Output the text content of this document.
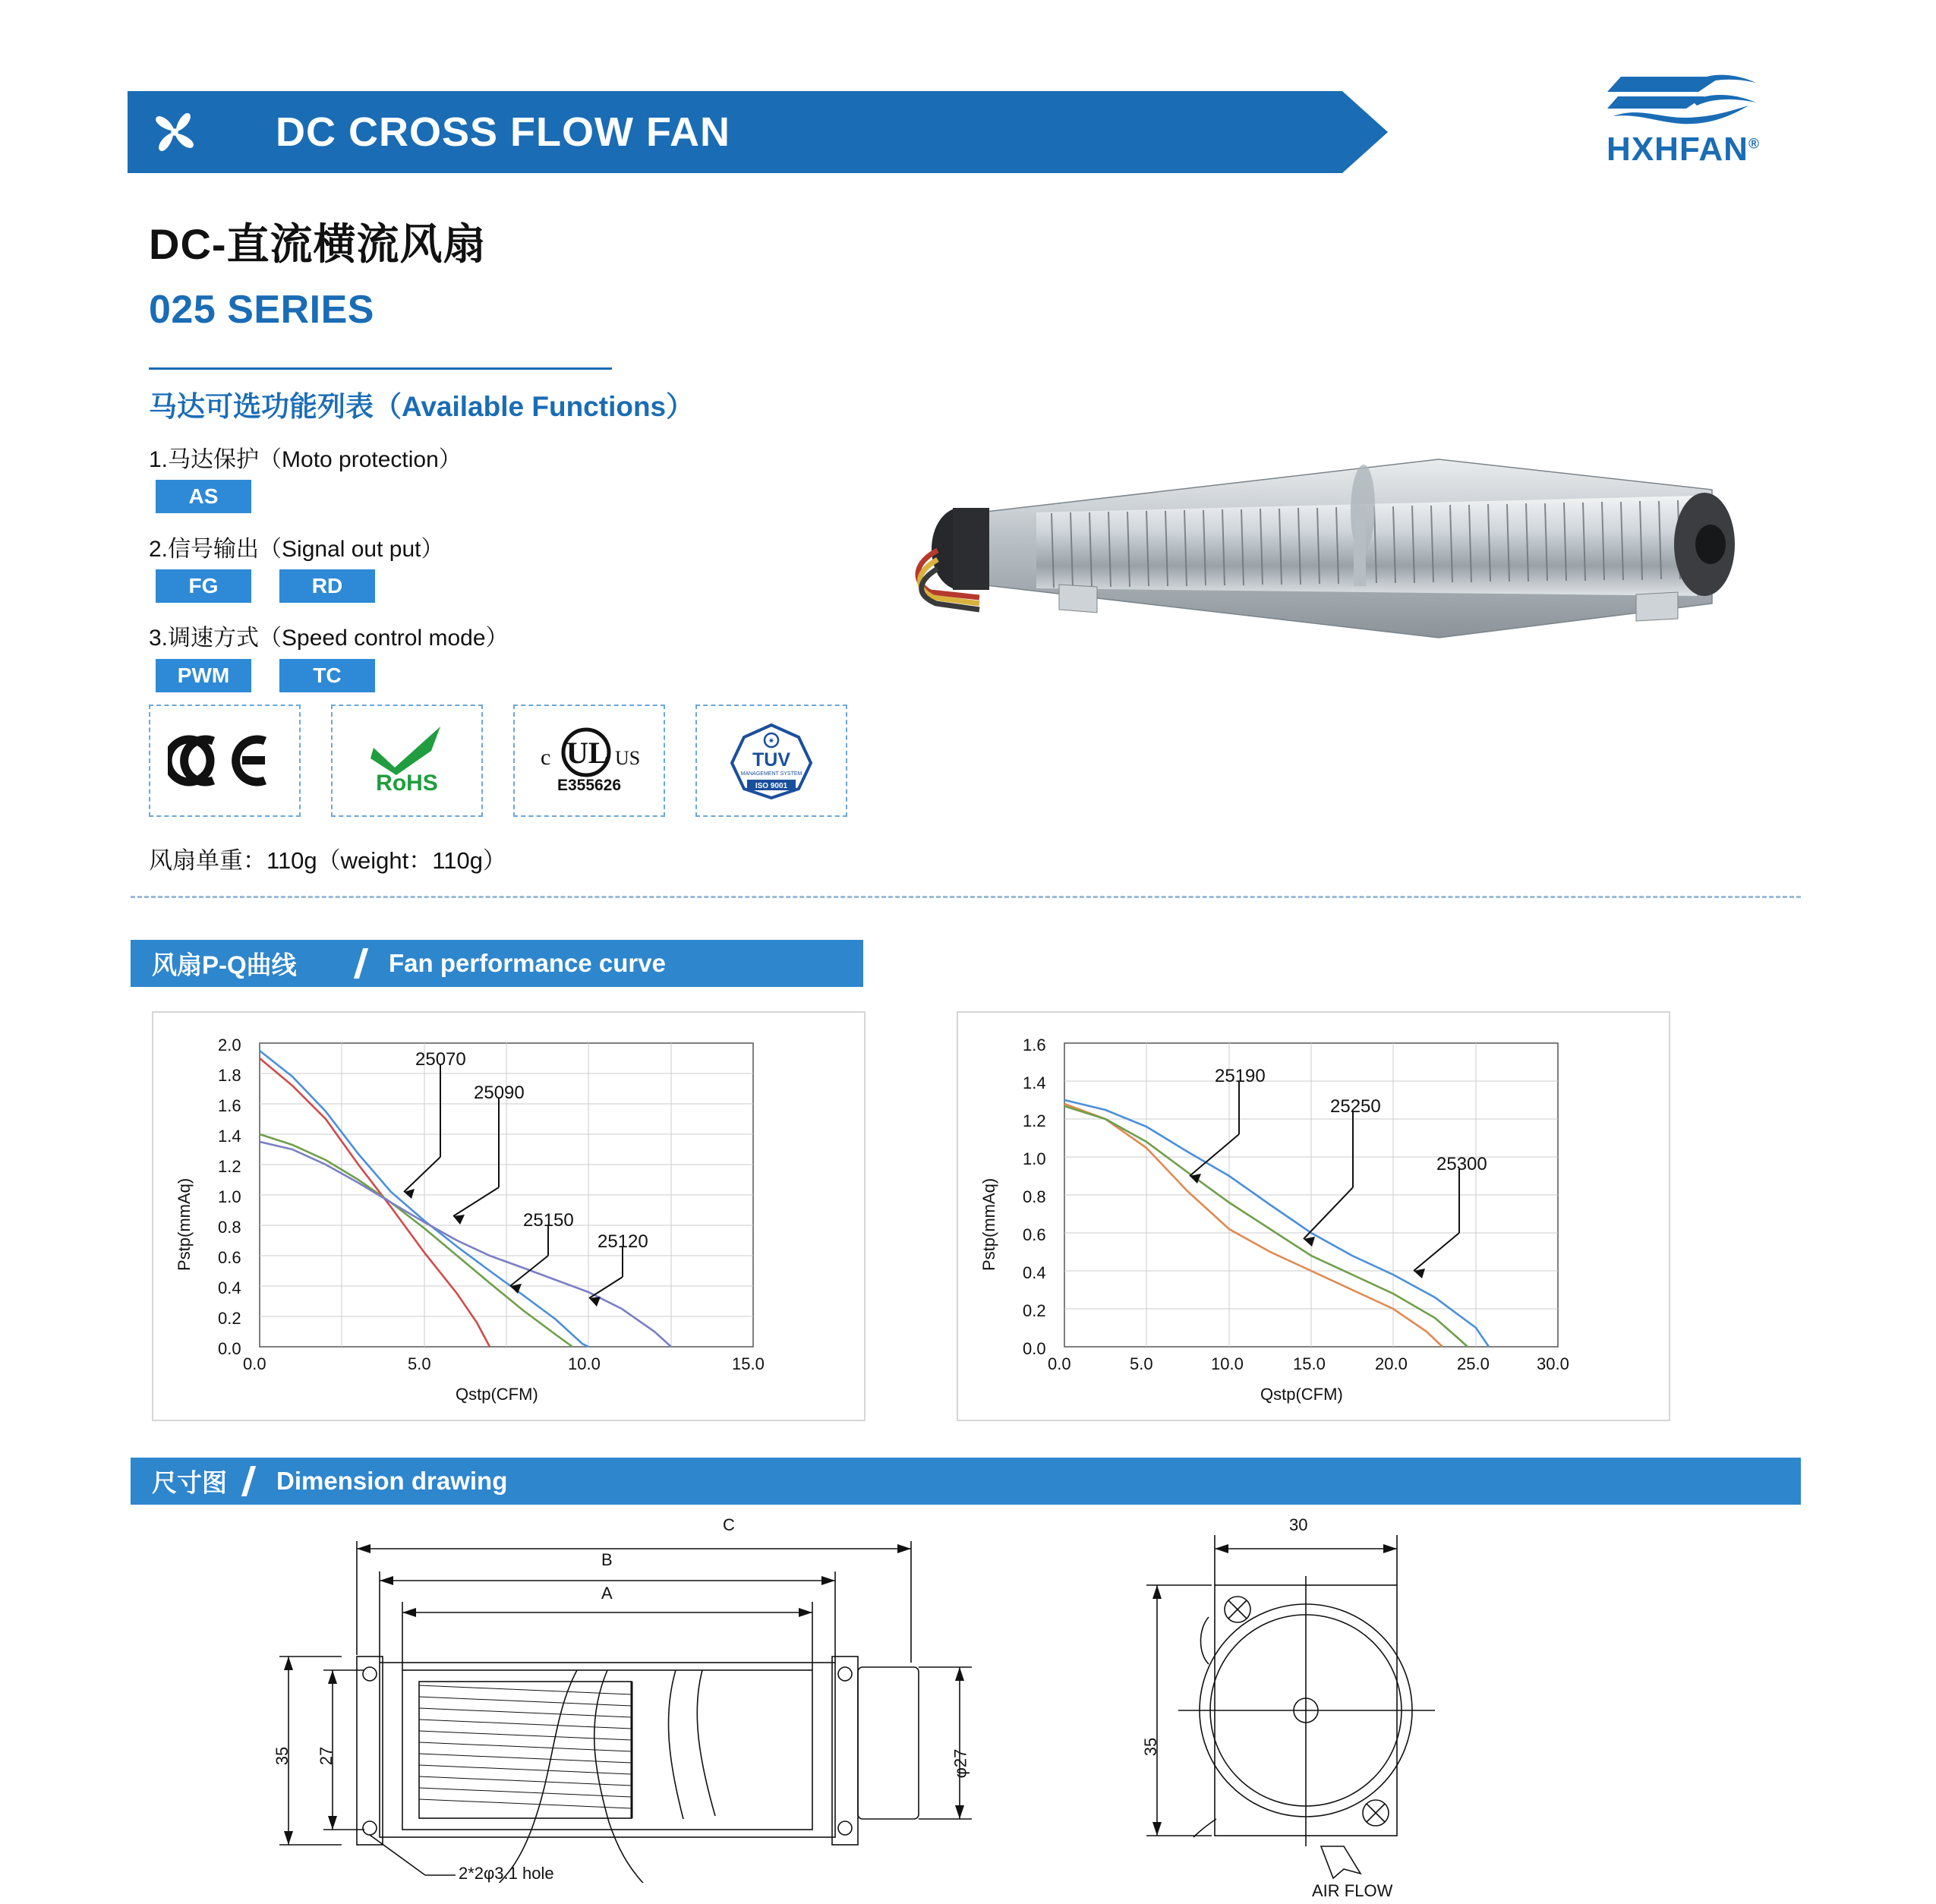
DC CROSS FLOW FAN	HXHFAN®
DC-直流横流风扇
025 SERIES
马达可选功能列表（Available Functions）
1.马达保护（Moto protection）
2.信号输出（Signal out put）
3.调速方式（Speed control mode）
AS
FG	RD
PWM	TC
RoHS
c UL US
E355626
✷
TUV
MANAGEMENT SYSTEM
ISO 9001
风扇单重：110g（weight：110g）
风扇P-Q曲线	Fan performance curve
Pstp(mmAq)
Qstp(CFM)
2.0
1.8
1.6
1.4
1.2
1.0
0.8
0.6
0.4
0.2
0.0
0.0	5.0	10.0	15.0
25070
25090
25150
25120	Pstp(mmAq)
Qstp(CFM)
1.6
1.4
1.2
1.0
0.8
0.6
0.4
0.2
0.0
0.0	5.0	10.0	15.0	20.0	25.0	30.0
25190
25250
25300
尺寸图 Dimension drawing
C
B
A
35 27	φ27
2*2φ3.1 hole
30
35
AIR FLOW
